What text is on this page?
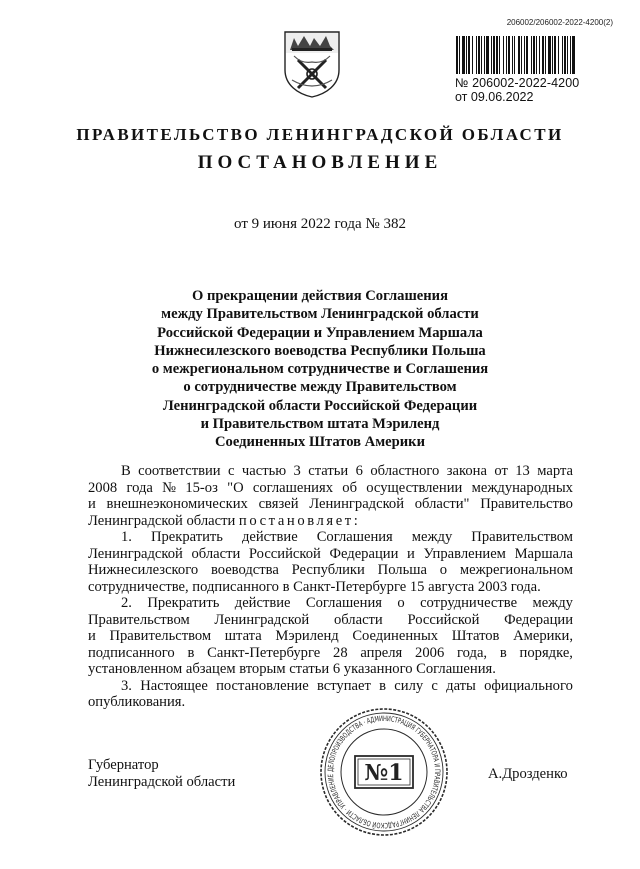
206002/206002-2022-4200(2)
№ 206002-2022-4200
от 09.06.2022
ПРАВИТЕЛЬСТВО ЛЕНИНГРАДСКОЙ ОБЛАСТИ
ПОСТАНОВЛЕНИЕ
от 9 июня 2022 года № 382
О прекращении действия Соглашения
между Правительством Ленинградской области
Российской Федерации и Управлением Маршала
Нижнесилезского воеводства Республики Польша
о межрегиональном сотрудничестве и Соглашения
о сотрудничестве между Правительством
Ленинградской области Российской Федерации
и Правительством штата Мэриленд
Соединенных Штатов Америки
В соответствии с частью 3 статьи 6 областного закона от 13 марта
2008 года № 15-оз "О соглашениях об осуществлении международных
и внешнеэкономических связей Ленинградской области" Правительство
Ленинградской области
постановляет:
1. Прекратить действие Соглашения между Правительством
Ленинградской области Российской Федерации и Управлением Маршала
Нижнесилезского воеводства Республики Польша о межрегиональном
сотрудничестве, подписанного в Санкт-Петербурге 15 августа 2003 года.
2. Прекратить действие Соглашения о сотрудничестве между
Правительством Ленинградской области Российской Федерации
и Правительством штата Мэриленд Соединенных Штатов Америки,
подписанного в Санкт-Петербурге 28 апреля 2006 года, в порядке,
установленном абзацем вторым статьи 6 указанного Соглашения.
3. Настоящее постановление вступает в силу с даты официального
опубликования.
Губернатор
Ленинградской области	А.Дрозденко
ДЕЛОПРОИЗВОДСТВА · АДМИНИСТРАЦИЯ ГУБЕРНАТОРА И ПРАВИТЕЛЬСТВА ЛЕНИНГРАДСКОЙ ОБЛАСТИ · УПРАВЛЕНИЕ	№1
